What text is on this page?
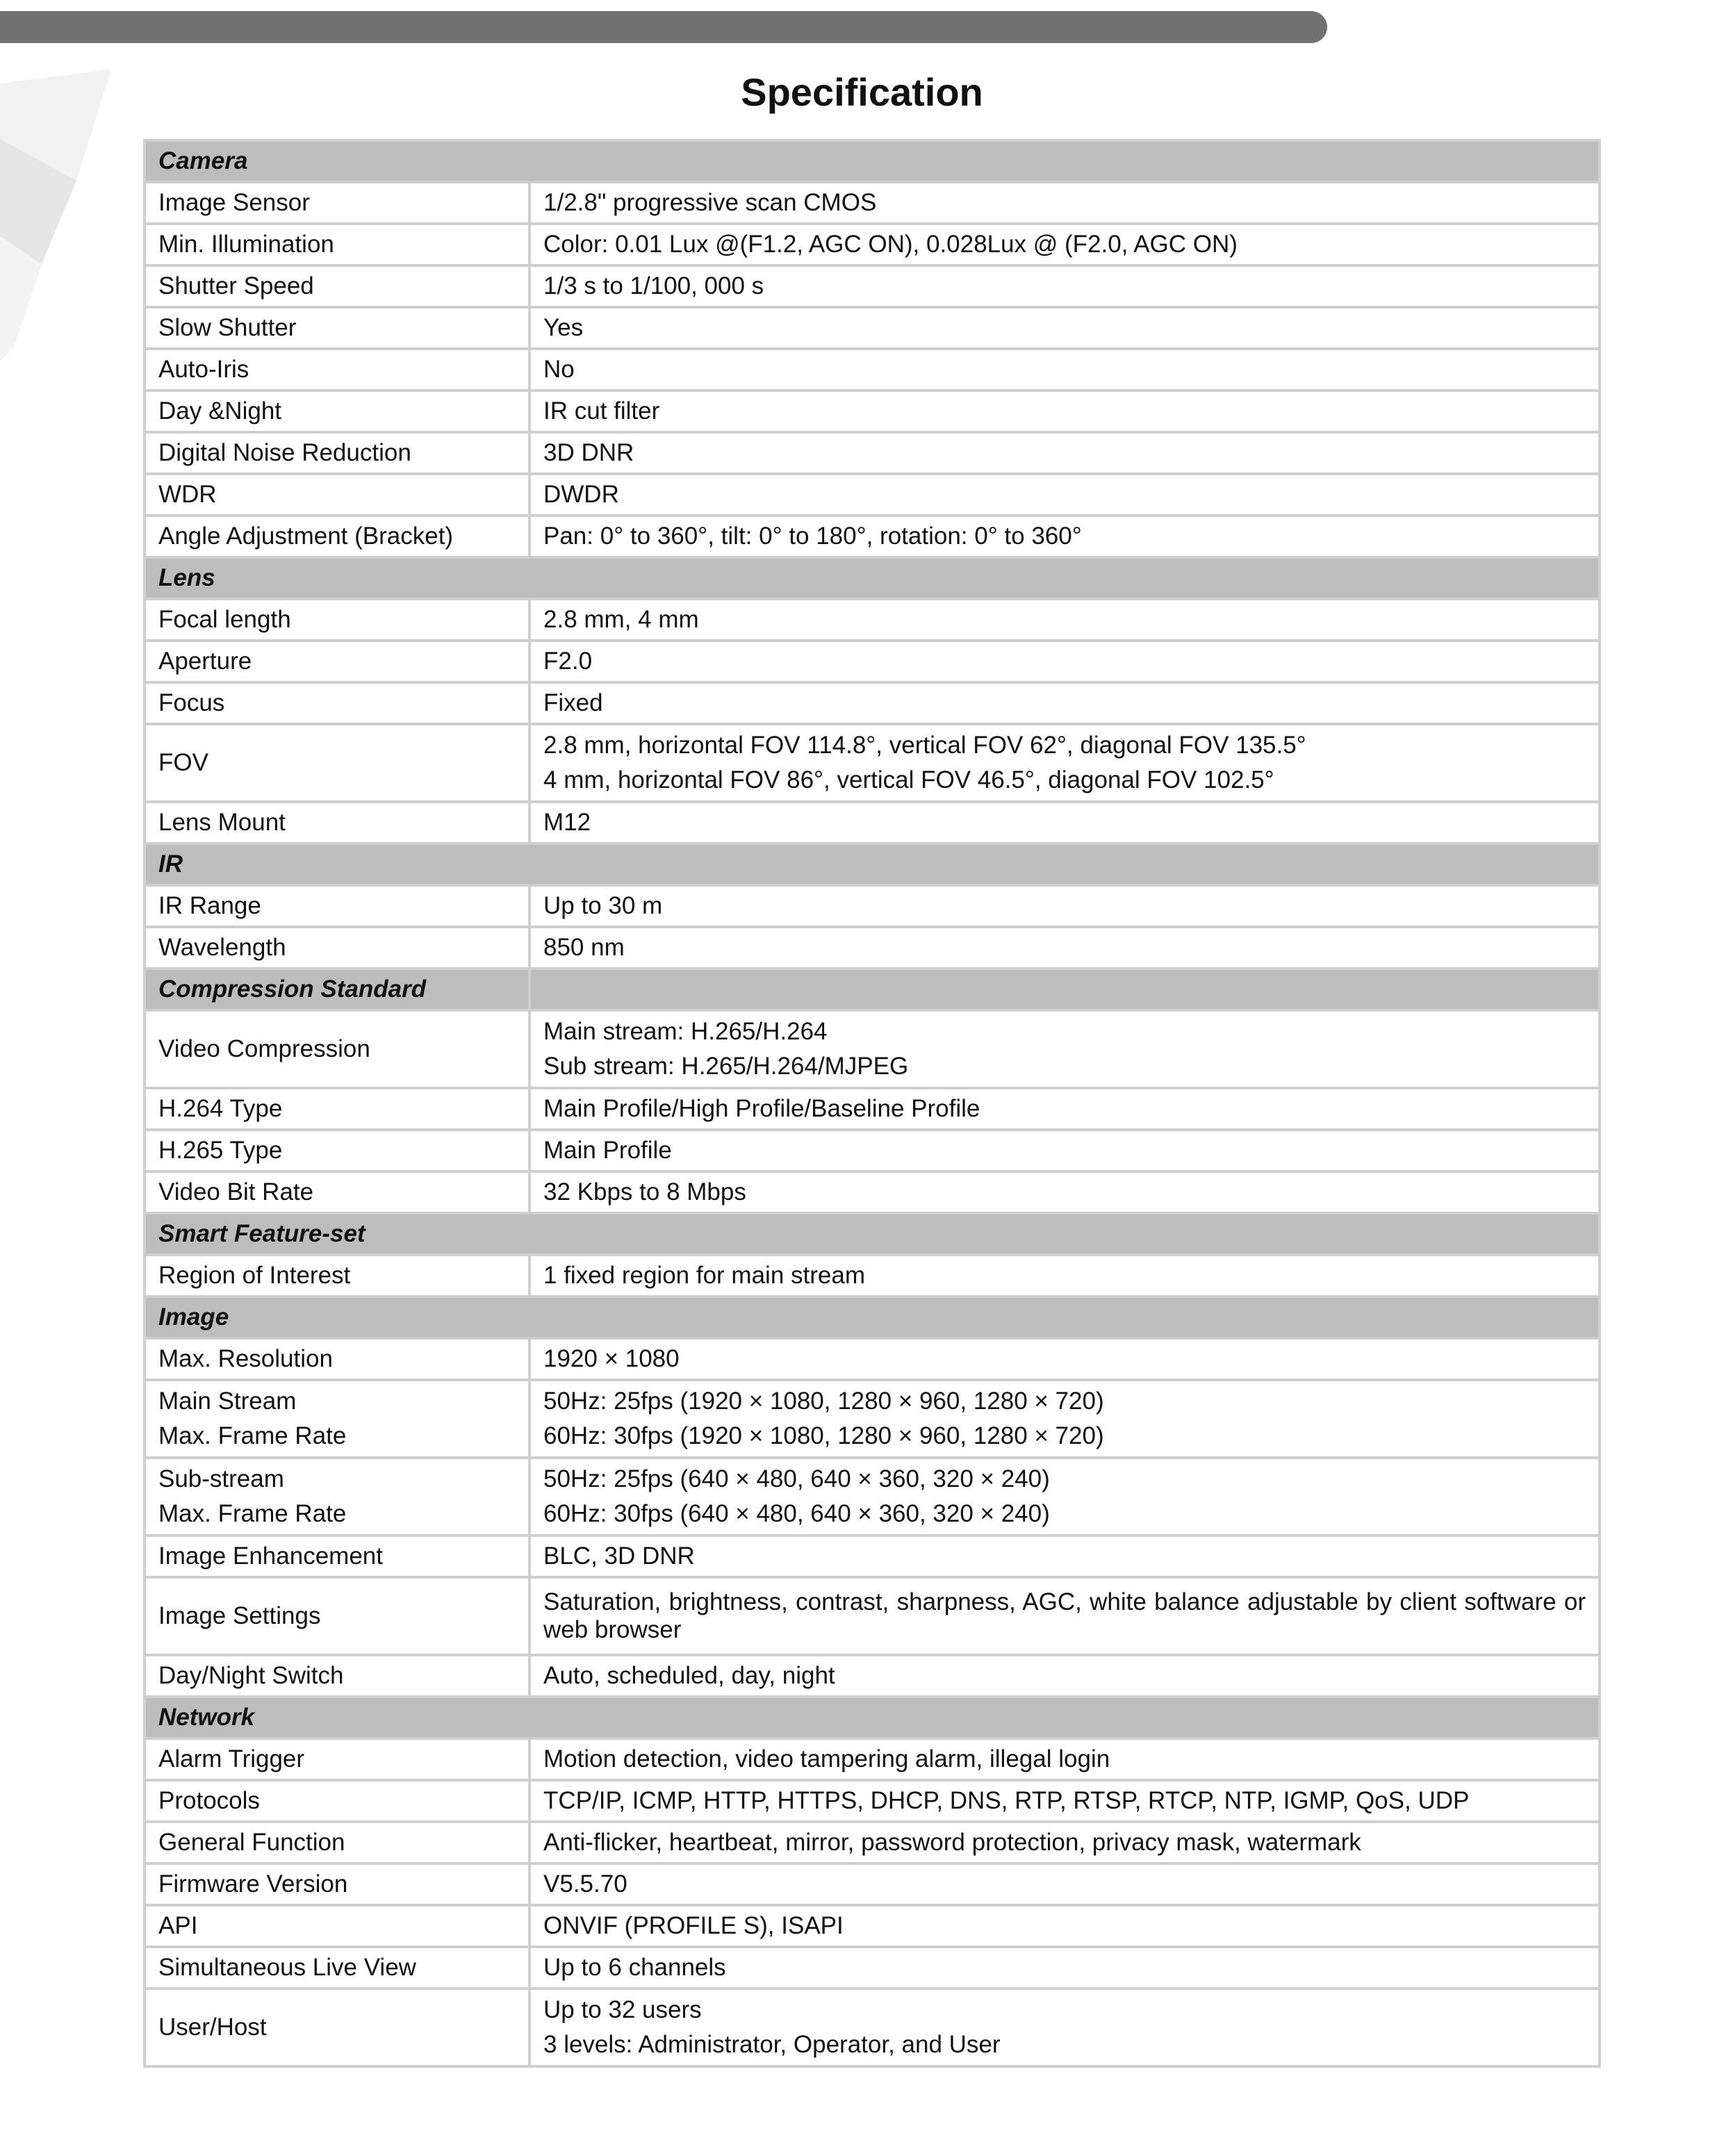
Specification
Camera	
Image Sensor	1/2.8" progressive scan CMOS

Min. Illumination	Color: 0.01 Lux @(F1.2, AGC ON), 0.028Lux @ (F2.0, AGC ON)

Shutter Speed	1/3 s to 1/100, 000 s

Slow Shutter	Yes

Auto-Iris	No

Day &Night	IR cut filter

Digital Noise Reduction	3D DNR

WDR	DWDR

Angle Adjustment (Bracket)	Pan: 0° to 360°, tilt: 0° to 180°, rotation: 0° to 360°

Lens	
Focal length	2.8 mm, 4 mm

Aperture	F2.0

Focus	Fixed

FOV	2.8 mm, horizontal FOV 114.8°, vertical FOV 62°, diagonal FOV 135.5°
4 mm, horizontal FOV 86°, vertical FOV 46.5°, diagonal FOV 102.5°

Lens Mount	M12

IR	
IR Range	Up to 30 m

Wavelength	850 nm

Compression Standard	
Video Compression	Main stream: H.265/H.264
Sub stream: H.265/H.264/MJPEG

H.264 Type	Main Profile/High Profile/Baseline Profile

H.265 Type	Main Profile

Video Bit Rate	32 Kbps to 8 Mbps

Smart Feature-set	
Region of Interest	1 fixed region for main stream

Image	
Max. Resolution	1920 × 1080

Main Stream
Max. Frame Rate	50Hz: 25fps (1920 × 1080, 1280 × 960, 1280 × 720)
60Hz: 30fps (1920 × 1080, 1280 × 960, 1280 × 720)

Sub-stream
Max. Frame Rate	50Hz: 25fps (640 × 480, 640 × 360, 320 × 240)
60Hz: 30fps (640 × 480, 640 × 360, 320 × 240)

Image Enhancement	BLC, 3D DNR

Image Settings	Saturation, brightness, contrast, sharpness, AGC, white balance adjustable by client software or web browser

Day/Night Switch	Auto, scheduled, day, night

Network	
Alarm Trigger	Motion detection, video tampering alarm, illegal login

Protocols	TCP/IP, ICMP, HTTP, HTTPS, DHCP, DNS, RTP, RTSP, RTCP, NTP, IGMP, QoS, UDP

General Function	Anti-flicker, heartbeat, mirror, password protection, privacy mask, watermark

Firmware Version	V5.5.70

API	ONVIF (PROFILE S), ISAPI

Simultaneous Live View	Up to 6 channels

User/Host	Up to 32 users
3 levels: Administrator, Operator, and User
